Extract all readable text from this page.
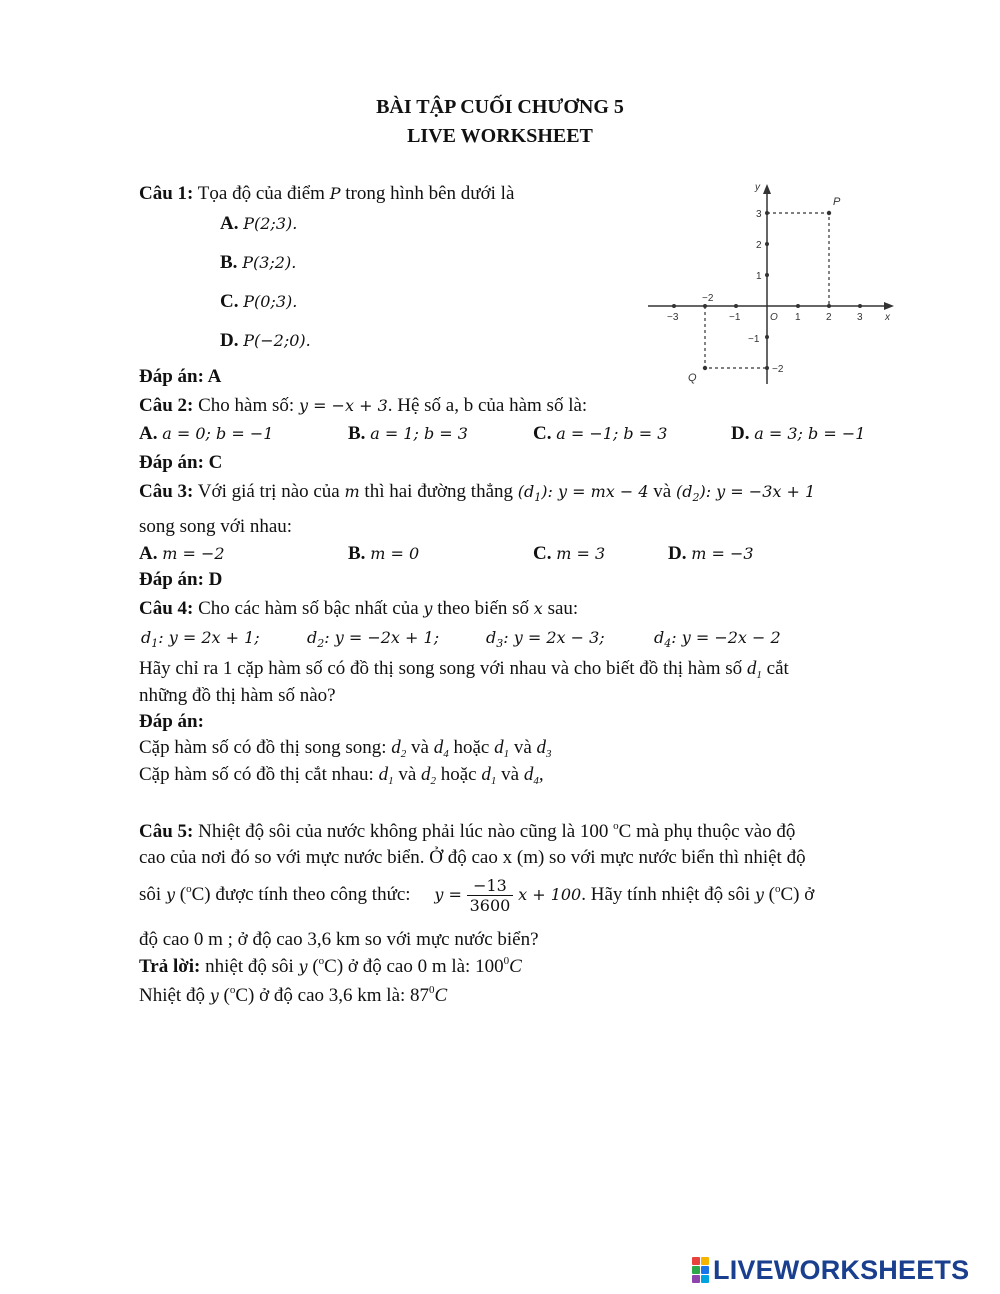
BÀI TẬP CUỐI CHƯƠNG 5
LIVE WORKSHEET
Câu 1: Tọa độ của điểm P trong hình bên dưới là
A. P(2;3).
B. P(3;2).
C. P(0;3).
D. P(−2;0).
Đáp án: A
−3
−2
−1	O 1	2	3 x
y
3
2
1
−1
−2
P
Q
Câu 2: Cho hàm số: y = −x + 3. Hệ số a, b của hàm số là:
A. a = 0; b = −1	B. a = 1; b = 3	C. a = −1; b = 3	D. a = 3; b = −1
Đáp án: C
Câu 3: Với giá trị nào của m thì hai đường thẳng $(d_1)$: y = mx − 4 và $(d_2)$: y = −3x + 1
song song với nhau:
A. m = −2	B. m = 0	C. m = 3	D. m = −3
Đáp án: D
Câu 4: Cho các hàm số bậc nhất của y theo biến số x sau:
$d_1$: y = 2x + 1;	$d_2$: y = −2x + 1;	$d_3$: y = 2x − 3;	$d_4$: y = −2x − 2
Hãy chỉ ra 1 cặp hàm số có đồ thị song song với nhau và cho biết đồ thị hàm số $d_1$ cắt
những đồ thị hàm số nào?
Đáp án:
Cặp hàm số có đồ thị song song: $d_2$ và $d_4$ hoặc $d_1$ và $d_3$
Cặp hàm số có đồ thị cắt nhau: $d_1$ và $d_2$ hoặc $d_1$ và $d_4$,
Câu 5: Nhiệt độ sôi của nước không phải lúc nào cũng là 100 $^o$C mà phụ thuộc vào độ
cao của nơi đó so với mực nước biển. Ở độ cao x (m) so với mực nước biển thì nhiệt độ
sôi y ($^o$C) được tính theo công thức: $y = \frac{-13}{3600}$ x + 100. Hãy tính nhiệt độ sôi y ($^o$C) ở
độ cao 0 m ; ở độ cao 3,6 km so với mực nước biển?
Trả lời: nhiệt độ sôi y ($^o$C) ở độ cao 0 m là: $100^0C$
Nhiệt độ y ($^o$C) ở độ cao 3,6 km là: $87^0C$
LIVEWORKSHEETS
